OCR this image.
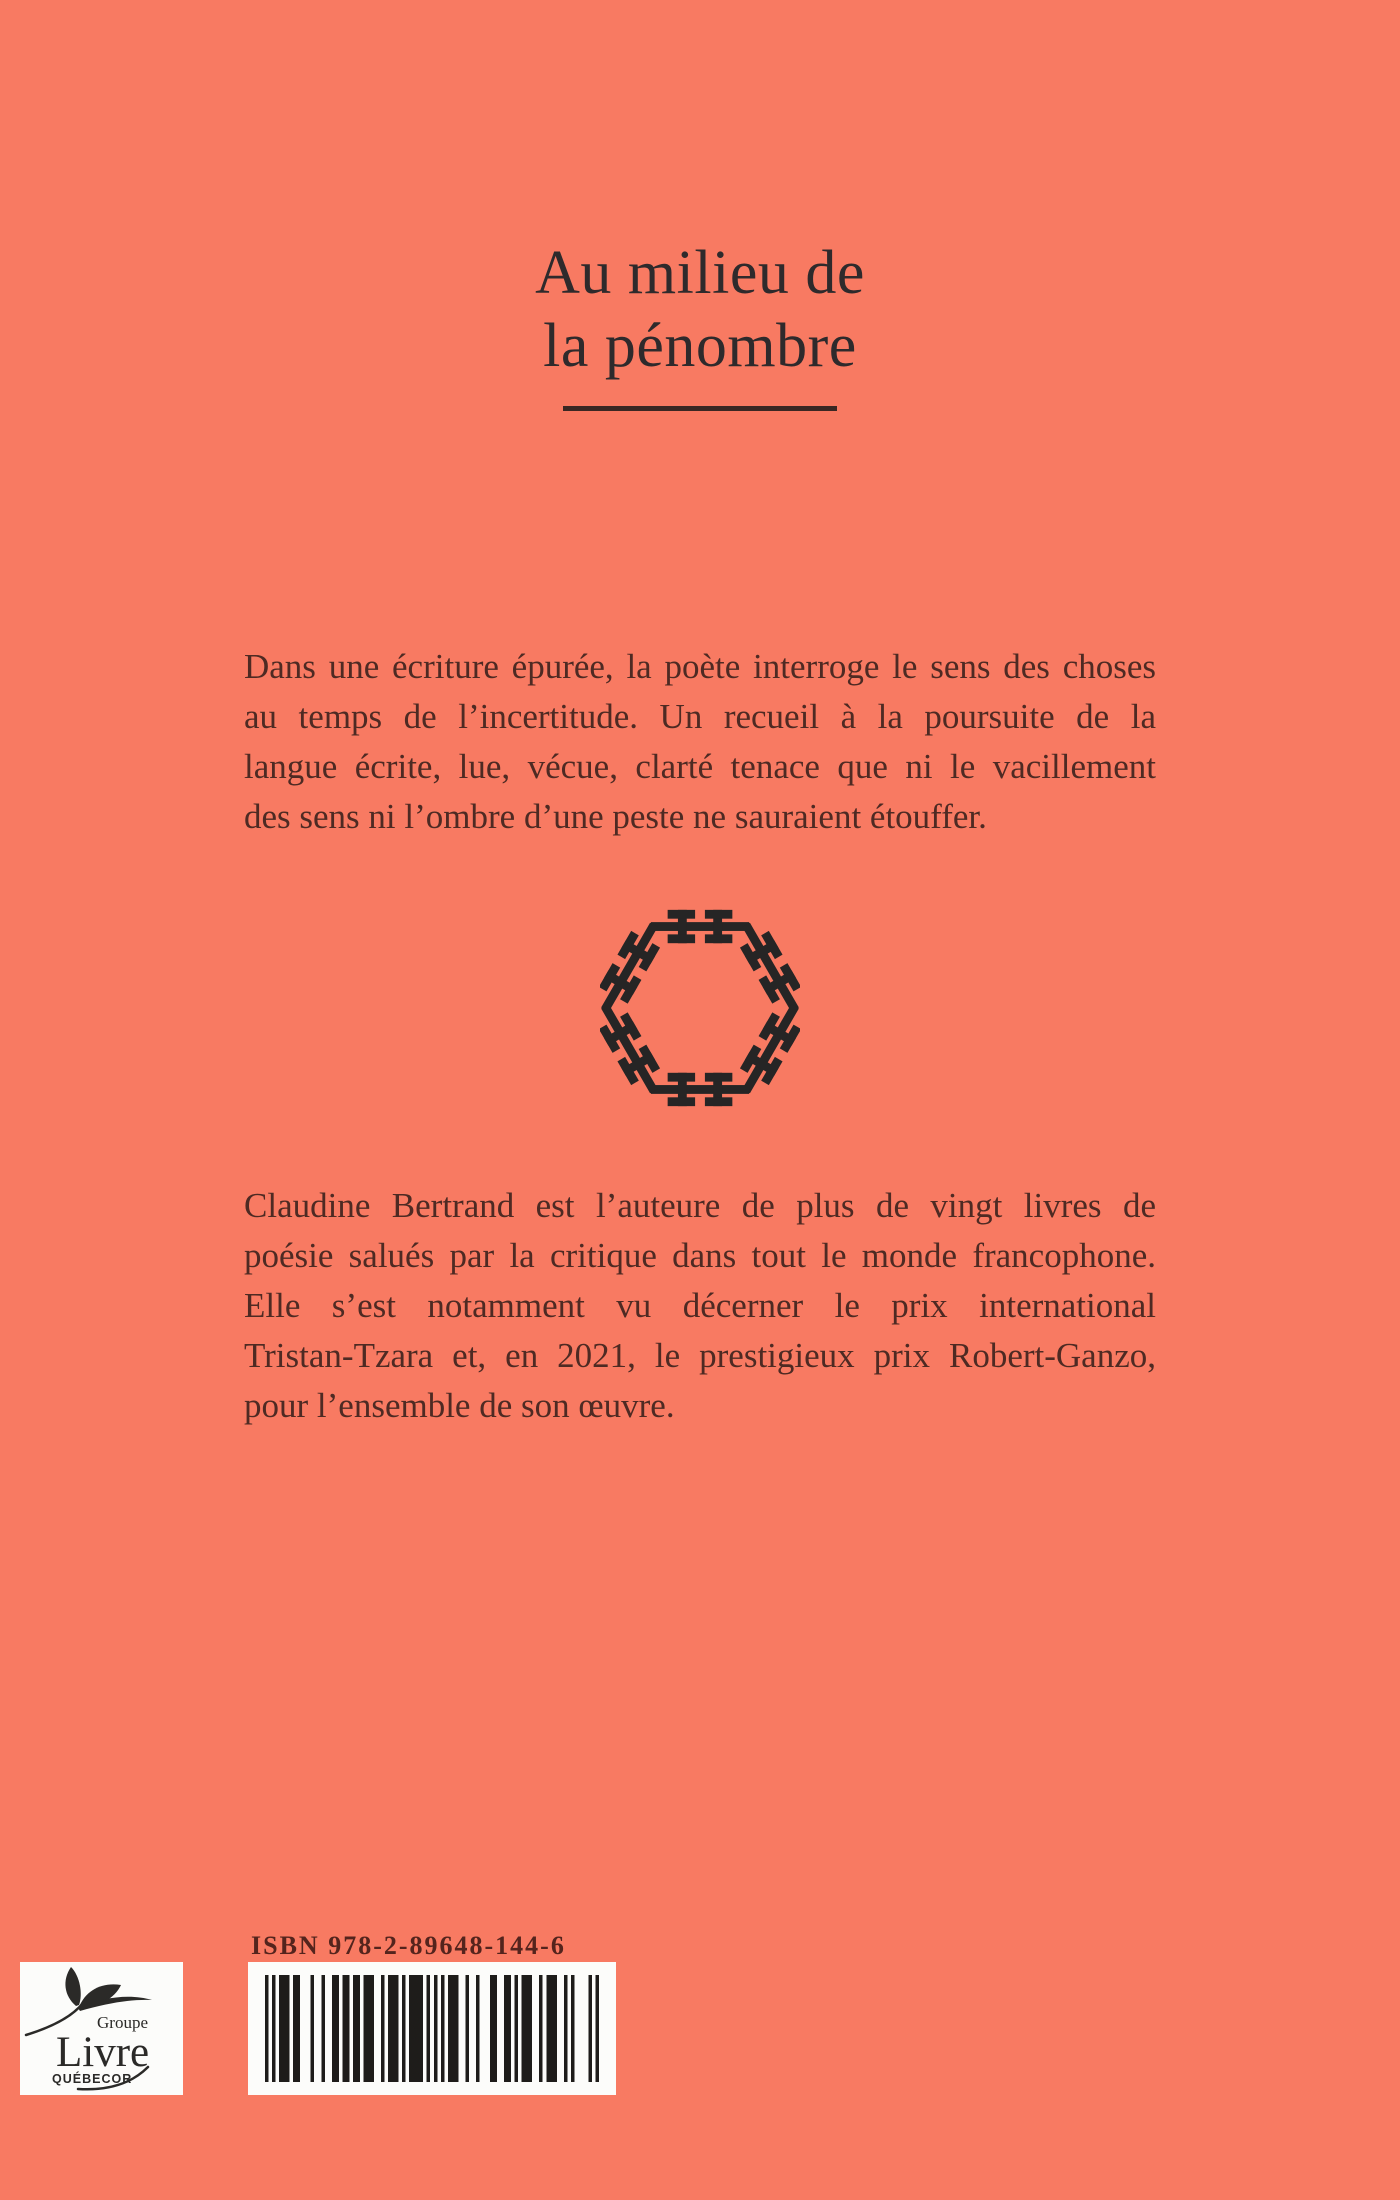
Au milieu de
la pénombre
Dans une écriture épurée, la poète interroge le sens des choses
au temps de l’incertitude. Un recueil à la poursuite de la
langue écrite, lue, vécue, clarté tenace que ni le vacillement
des sens ni l’ombre d’une peste ne sauraient étouffer.
Claudine Bertrand est l’auteure de plus de vingt livres de
poésie salués par la critique dans tout le monde francophone.
Elle s’est notamment vu décerner le prix international
Tristan-Tzara et, en 2021, le prestigieux prix Robert-Ganzo,
pour l’ensemble de son œuvre.
ISBN 978-2-89648-144-6
Groupe
Livre
QUÉBECOR
